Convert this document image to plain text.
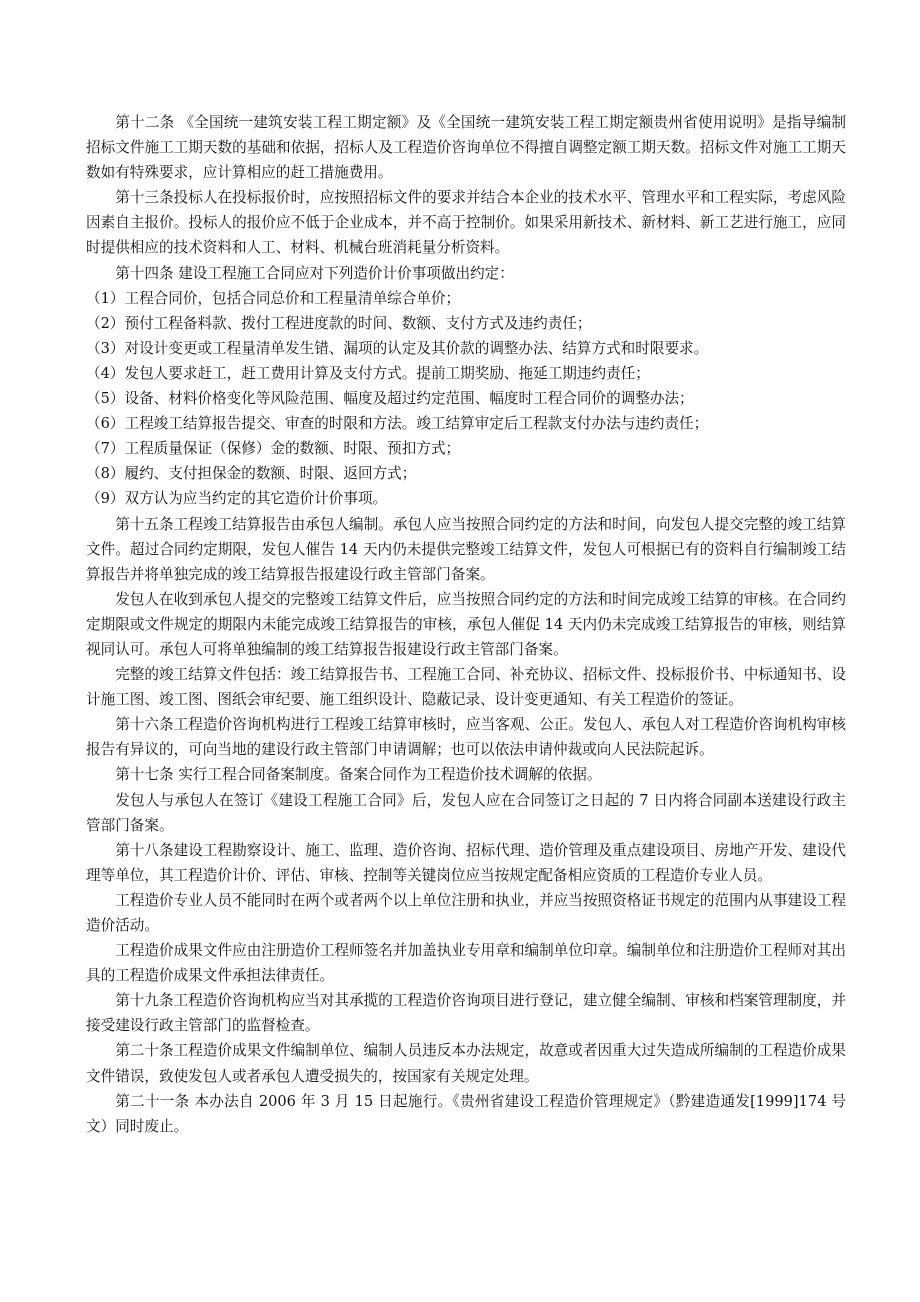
第十二条 《全国统一建筑安装工程工期定额》及《全国统一建筑安装工程工期定额贵州省使用说明》是指导编制招标文件施工工期天数的基础和依据，招标人及工程造价咨询单位不得擅自调整定额工期天数。招标文件对施工工期天数如有特殊要求，应计算相应的赶工措施费用。

第十三条投标人在投标报价时，应按照招标文件的要求并结合本企业的技术水平、管理水平和工程实际，考虑风险因素自主报价。投标人的报价应不低于企业成本，并不高于控制价。如果采用新技术、新材料、新工艺进行施工，应同时提供相应的技术资料和人工、材料、机械台班消耗量分析资料。

第十四条 建设工程施工合同应对下列造价计价事项做出约定：

（1）工程合同价，包括合同总价和工程量清单综合单价；

（2）预付工程备料款、拨付工程进度款的时间、数额、支付方式及违约责任；

（3）对设计变更或工程量清单发生错、漏项的认定及其价款的调整办法、结算方式和时限要求。

（4）发包人要求赶工，赶工费用计算及支付方式。提前工期奖励、拖延工期违约责任；

（5）设备、材料价格变化等风险范围、幅度及超过约定范围、幅度时工程合同价的调整办法；

（6）工程竣工结算报告提交、审查的时限和方法。竣工结算审定后工程款支付办法与违约责任；

（7）工程质量保证（保修）金的数额、时限、预扣方式；

（8）履约、支付担保金的数额、时限、返回方式；

（9）双方认为应当约定的其它造价计价事项。

第十五条工程竣工结算报告由承包人编制。承包人应当按照合同约定的方法和时间，向发包人提交完整的竣工结算文件。超过合同约定期限，发包人催告 14 天内仍未提供完整竣工结算文件，发包人可根据已有的资料自行编制竣工结算报告并将单独完成的竣工结算报告报建设行政主管部门备案。

发包人在收到承包人提交的完整竣工结算文件后，应当按照合同约定的方法和时间完成竣工结算的审核。在合同约定期限或文件规定的期限内未能完成竣工结算报告的审核，承包人催促 14 天内仍未完成竣工结算报告的审核，则结算视同认可。承包人可将单独编制的竣工结算报告报建设行政主管部门备案。

完整的竣工结算文件包括：竣工结算报告书、工程施工合同、补充协议、招标文件、投标报价书、中标通知书、设计施工图、竣工图、图纸会审纪要、施工组织设计、隐蔽记录、设计变更通知、有关工程造价的签证。

第十六条工程造价咨询机构进行工程竣工结算审核时，应当客观、公正。发包人、承包人对工程造价咨询机构审核报告有异议的，可向当地的建设行政主管部门申请调解；也可以依法申请仲裁或向人民法院起诉。

第十七条 实行工程合同备案制度。备案合同作为工程造价技术调解的依据。

发包人与承包人在签订《建设工程施工合同》后，发包人应在合同签订之日起的 7 日内将合同副本送建设行政主管部门备案。

第十八条建设工程勘察设计、施工、监理、造价咨询、招标代理、造价管理及重点建设项目、房地产开发、建设代理等单位，其工程造价计价、评估、审核、控制等关键岗位应当按规定配备相应资质的工程造价专业人员。

工程造价专业人员不能同时在两个或者两个以上单位注册和执业，并应当按照资格证书规定的范围内从事建设工程造价活动。

工程造价成果文件应由注册造价工程师签名并加盖执业专用章和编制单位印章。编制单位和注册造价工程师对其出具的工程造价成果文件承担法律责任。

第十九条工程造价咨询机构应当对其承揽的工程造价咨询项目进行登记，建立健全编制、审核和档案管理制度，并接受建设行政主管部门的监督检查。

第二十条工程造价成果文件编制单位、编制人员违反本办法规定，故意或者因重大过失造成所编制的工程造价成果文件错误，致使发包人或者承包人遭受损失的，按国家有关规定处理。

第二十一条 本办法自 2006 年 3 月 15 日起施行。《贵州省建设工程造价管理规定》（黔建造通发[1999]174 号文）同时废止。
